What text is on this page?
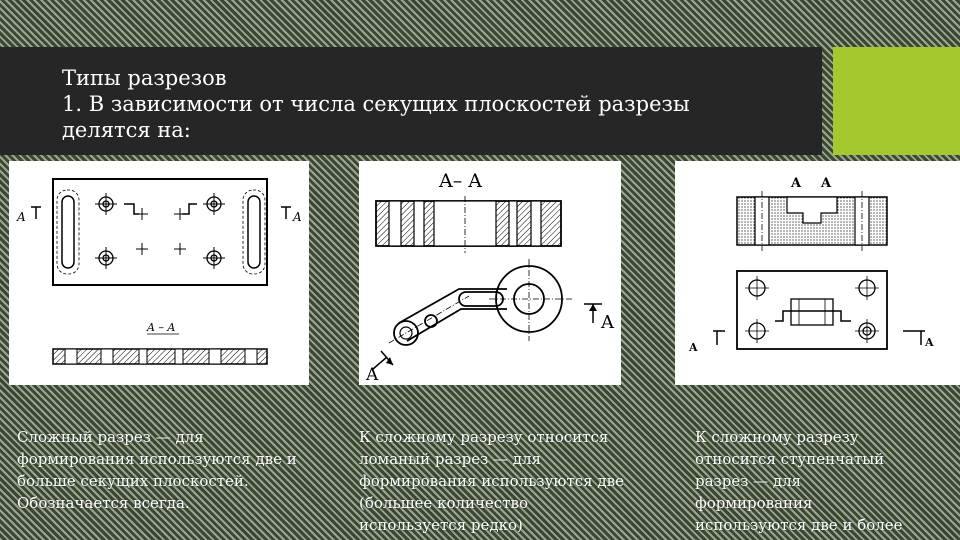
Типы разрезов
1. В зависимости от числа секущих плоскостей разрезы
делятся на:
A	A
A – A
A– A
A
A
A A
A	A
Сложный разрез — для
формирования используются две и
больше секущих плоскостей.
Обозначается всегда.
К сложному разрезу относится
ломаный разрез — для
формирования используются две
(большее количество
используется редко)
К сложному разрезу
относится ступенчатый
разрез — для
формирования
используются две и более
